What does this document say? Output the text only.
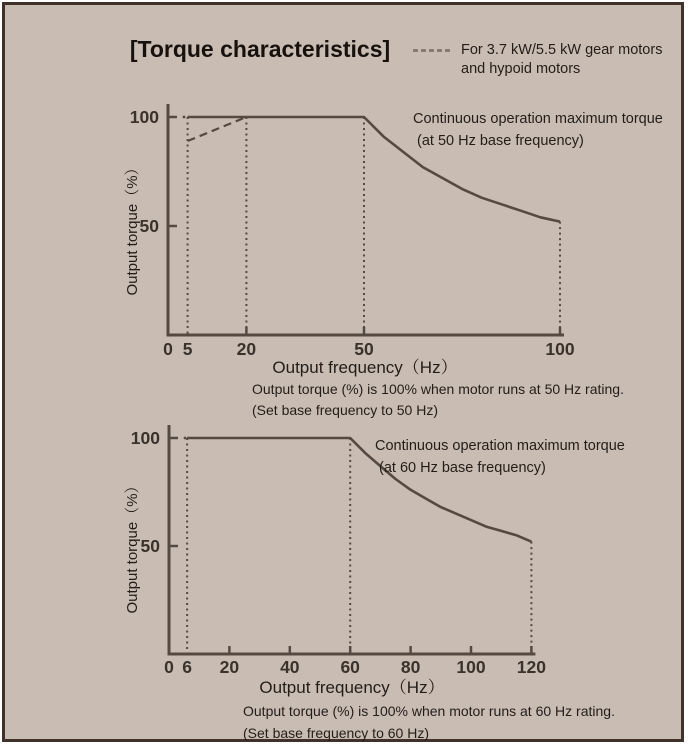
[Torque characteristics]	For 3.7 kW/5.5 kW gear motors
and hypoid motors
0 5	20	50	100
50
100
Output frequency（Hz）
Output torque（%）
Continuous operation maximum torque
(at 50 Hz base frequency)
Output torque (%) is 100% when motor runs at 50 Hz rating.
(Set base frequency to 50 Hz)
0 6 20 40 60 80 100 120
50
100
Output frequency（Hz）
Output torque（%）
Continuous operation maximum torque
(at 60 Hz base frequency)
Output torque (%) is 100% when motor runs at 60 Hz rating.
(Set base frequency to 60 Hz)
